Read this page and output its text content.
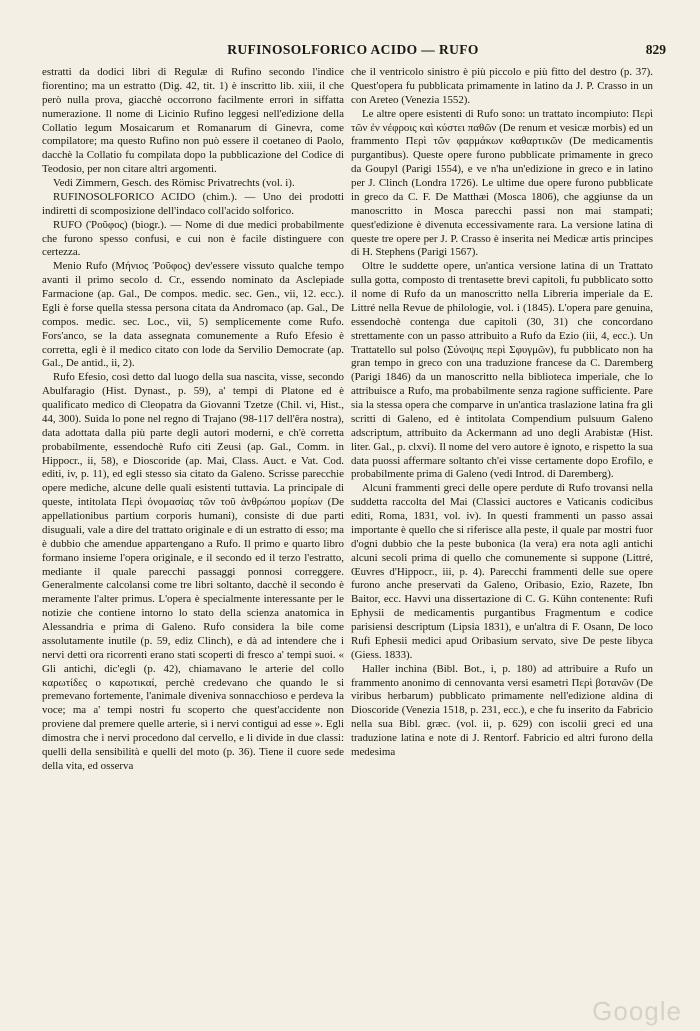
RUFINOSOLFORICO ACIDO — RUFO	829

estratti da dodici libri di Regulæ di Rufino secondo l'indice fiorentino; ma un estratto (Dig. 42, tit. 1) è inscritto lib. xiii, il che però nulla prova, giacchè occorrono facilmente errori in siffatta numerazione. Il nome di Licinio Rufino leggesi nell'edizione della Collatio legum Mosaicarum et Romanarum di Ginevra, come compilatore; ma questo Rufino non può essere il coetaneo di Paolo, dacchè la Collatio fu compilata dopo la pubblicazione del Codice di Teodosio, per non citare altri argomenti.

Vedi Zimmern, Gesch. des Römisc Privatrechts (vol. i).

RUFINOSOLFORICO ACIDO (chim.). — Uno dei prodotti indiretti di scomposizione dell'indaco coll'acido solforico.

RUFO (Ῥοῦφος) (biogr.). — Nome di due medici probabilmente che furono spesso confusi, e cui non è facile distinguere con certezza.

Menio Rufo (Μήνιος Ῥοῦφος) dev'essere vissuto qualche tempo avanti il primo secolo d. Cr., essendo nominato da Asclepiade Farmacione (ap. Gal., De compos. medic. sec. Gen., vii, 12. ecc.). Egli è forse quella stessa persona citata da Andromaco (ap. Gal., De compos. medic. sec. Loc., vii, 5) semplicemente come Rufo. Fors'anco, se la data assegnata comunemente a Rufo Efesio è corretta, egli è il medico citato con lode da Servilio Democrate (ap. Gal., De antid., ii, 2).

Rufo Efesio, così detto dal luogo della sua nascita, visse, secondo Abulfaragio (Hist. Dynast., p. 59), a' tempi di Platone ed è qualificato medico di Cleopatra da Giovanni Tzetze (Chil. vi, Hist., 44, 300). Suida lo pone nel regno di Trajano (98-117 dell'êra nostra), data adottata dalla più parte degli autori moderni, e ch'è corretta probabilmente, essendochè Rufo citi Zeusi (ap. Gal., Comm. in Hippocr., ii, 58), e Dioscoride (ap. Mai, Class. Auct. e Vat. Cod. editi, iv, p. 11), ed egli stesso sia citato da Galeno. Scrisse parecchie opere mediche, alcune delle quali esistenti tuttavia. La principale di queste, intitolata Περὶ ὀνομασίας τῶν τοῦ ἀνθρώπου μορίων (De appellationibus partium corporis humani), consiste di due parti disuguali, vale a dire del trattato originale e di un estratto di esso; ma è dubbio che amendue appartengano a Rufo. Il primo e quarto libro formano insieme l'opera originale, e il secondo ed il terzo l'estratto, mediante il quale parecchi passaggi ponnosi correggere. Generalmente calcolansi come tre libri soltanto, dacchè il secondo è meramente l'alter primus. L'opera è specialmente interessante per le notizie che contiene intorno lo stato della scienza anatomica in Alessandria e prima di Galeno. Rufo considera la bile come assolutamente inutile (p. 59, ediz Clinch), e dà ad intendere che i nervi detti ora ricorrenti erano stati scoperti di fresco a' tempi suoi. « Gli antichi, dic'egli (p. 42), chiamavano le arterie del collo καρωτίδες o καρωτικαί, perchè credevano che quando le si premevano fortemente, l'animale diveniva sonnacchioso e perdeva la voce; ma a' tempi nostri fu scoperto che quest'accidente non proviene dal premere quelle arterie, sì i nervi contigui ad esse ». Egli dimostra che i nervi procedono dal cervello, e li divide in due classi: quelli della sensibilità e quelli del moto (p. 36). Tiene il cuore sede della vita, ed osserva

che il ventricolo sinistro è più piccolo e più fitto del destro (p. 37). Quest'opera fu pubblicata primamente in latino da J. P. Crasso in un con Areteo (Venezia 1552).

Le altre opere esistenti di Rufo sono: un trattato incompiuto: Περὶ τῶν ἐν νέφροις καὶ κύστει παθῶν (De renum et vesicæ morbis) ed un frammento Περὶ τῶν φαρμάκων καθαρτικῶν (De medicamentis purgantibus). Queste opere furono pubblicate primamente in greco da Goupyl (Parigi 1554), e ve n'ha un'edizione in greco e in latino per J. Clinch (Londra 1726). Le ultime due opere furono pubblicate in greco da C. F. De Matthæi (Mosca 1806), che aggiunse da un manoscritto in Mosca parecchi passi non mai stampati; quest'edizione è divenuta eccessivamente rara. La versione latina di queste tre opere per J. P. Crasso è inserita nei Medicæ artis principes di H. Stephens (Parigi 1567).

Oltre le suddette opere, un'antica versione latina di un Trattato sulla gotta, composto di trentasette brevi capitoli, fu pubblicato sotto il nome di Rufo da un manoscritto nella Libreria imperiale da E. Littré nella Revue de philologie, vol. i (1845). L'opera pare genuina, essendochè contenga due capitoli (30, 31) che concordano strettamente con un passo attribuito a Rufo da Ezio (iii, 4, ecc.). Un Trattatello sul polso (Σύνοψις περὶ Σφυγμῶν), fu pubblicato non ha gran tempo in greco con una traduzione francese da C. Daremberg (Parigi 1846) da un manoscritto nella biblioteca imperiale, che lo attribuisce a Rufo, ma probabilmente senza ragione sufficiente. Pare sia la stessa opera che comparve in un'antica traslazione latina fra gli scritti di Galeno, ed è intitolata Compendium pulsuum Galeno adscriptum, attribuito da Ackermann ad uno degli Arabistæ (Hist. liter. Gal., p. clxvi). Il nome del vero autore è ignoto, e rispetto la sua data puossi affermare soltanto ch'ei visse certamente dopo Erofilo, e probabilmente prima di Galeno (vedi Introd. di Daremberg).

Alcuni frammenti greci delle opere perdute di Rufo trovansi nella suddetta raccolta del Mai (Classici auctores e Vaticanis codicibus editi, Roma, 1831, vol. iv). In questi frammenti un passo assai importante è quello che si riferisce alla peste, il quale par mostri fuor d'ogni dubbio che la peste bubonica (la vera) era nota agli antichi alcuni secoli prima di quello che comunemente si suppone (Littré, Œuvres d'Hippocr., iii, p. 4). Parecchi frammenti delle sue opere furono anche preservati da Galeno, Oribasio, Ezio, Razete, Ibn Baitor, ecc. Havvi una dissertazione di C. G. Kühn contenente: Rufi Ephysii de medicamentis purgantibus Fragmentum e codice parisiensi descriptum (Lipsia 1831), e un'altra di F. Osann, De loco Rufi Ephesii medici apud Oribasium servato, sive De peste libyca (Giess. 1833).

Haller inchina (Bibl. Bot., i, p. 180) ad attribuire a Rufo un frammento anonimo di cennovanta versi esametri Περὶ βοτανῶν (De viribus herbarum) pubblicato primamente nell'edizione aldina di Dioscoride (Venezia 1518, p. 231, ecc.), e che fu inserito da Fabricio nella sua Bibl. græc. (vol. ii, p. 629) con iscolii greci ed una traduzione latina e note di J. Rentorf. Fabricio ed altri furono della medesima

Google
